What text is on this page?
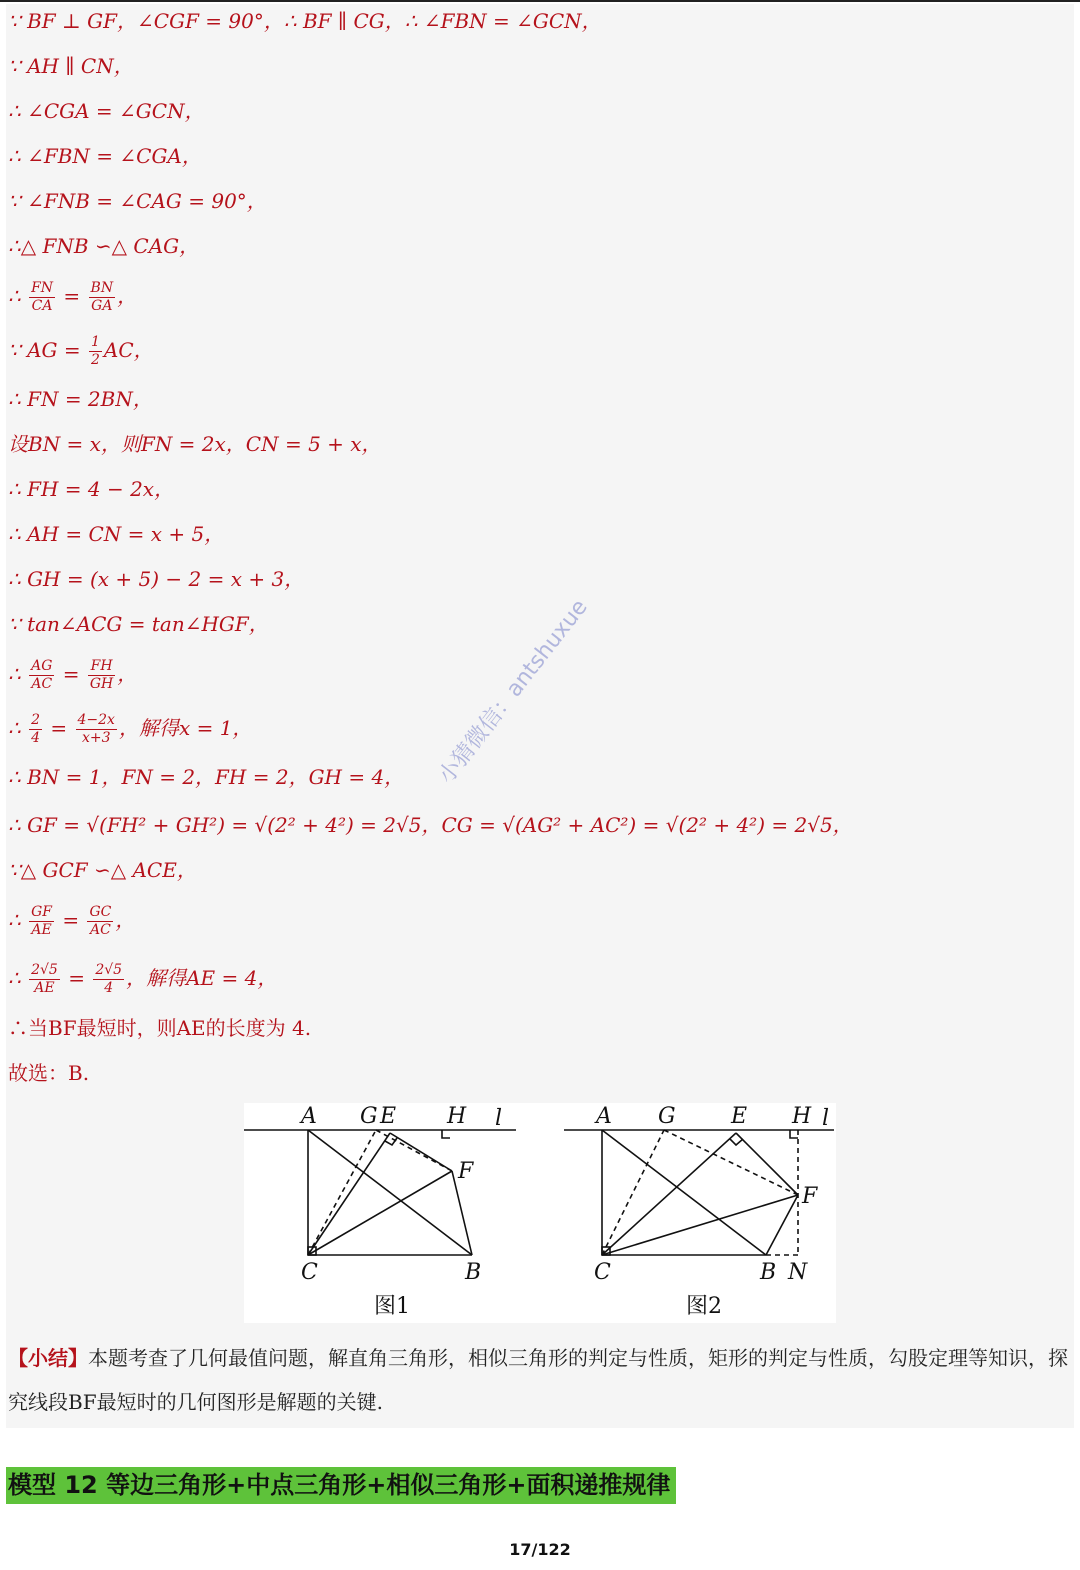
∵ BF ⊥ GF，∠CGF = 90°，∴ BF ∥ CG，∴ ∠FBN = ∠GCN，
∵ AH ∥ CN，
∴ ∠CGA = ∠GCN，
∴ ∠FBN = ∠CGA，
∵ ∠FNB = ∠CAG = 90°，
∴△ FNB ∽△ CAG，
∴ $\frac{FN}{CA} = \frac{BN}{GA}$ ，
∵ AG = $\frac{1}{2}$ AC，
∴ FN = 2BN，
设BN = x，则FN = 2x，CN = 5 + x，
∴ FH = 4 − 2x，
∴ AH = CN = x + 5，
∴ GH = (x + 5) − 2 = x + 3，
∵ tan∠ACG = tan∠HGF，
∴ $\frac{AG}{AC} = \frac{FH}{GH}$ ，
∴ $\frac{2}{4} = \frac{4-2x}{x+3}$ ，解得x = 1，
∴ BN = 1，FN = 2，FH = 2，GH = 4，
∴ GF = √(FH² + GH²) = √(2² + 4²) = 2√5，CG = √(AG² + AC²) = √(2² + 4²) = 2√5，
∵△ GCF ∽△ ACE，
∴ $\frac{GF}{AE} = \frac{GC}{AC}$ ，
∴ $\frac{2√5}{AE} = \frac{2√5}{4}$ ，解得AE = 4，
∴当BF最短时，则AE的长度为 4.
故选：B.
A G E H l
F
C	B
图1
A G	E H l
F
C	B N
图2
【小结】本题考查了几何最值问题，解直角三角形，相似三角形的判定与性质，矩形的判定与性质，勾股定理等知识，探究线段BF最短时的几何图形是解题的关键.
模型 12 等边三角形+中点三角形+相似三角形+面积递推规律
小猜微信：antshuxue
17/122
